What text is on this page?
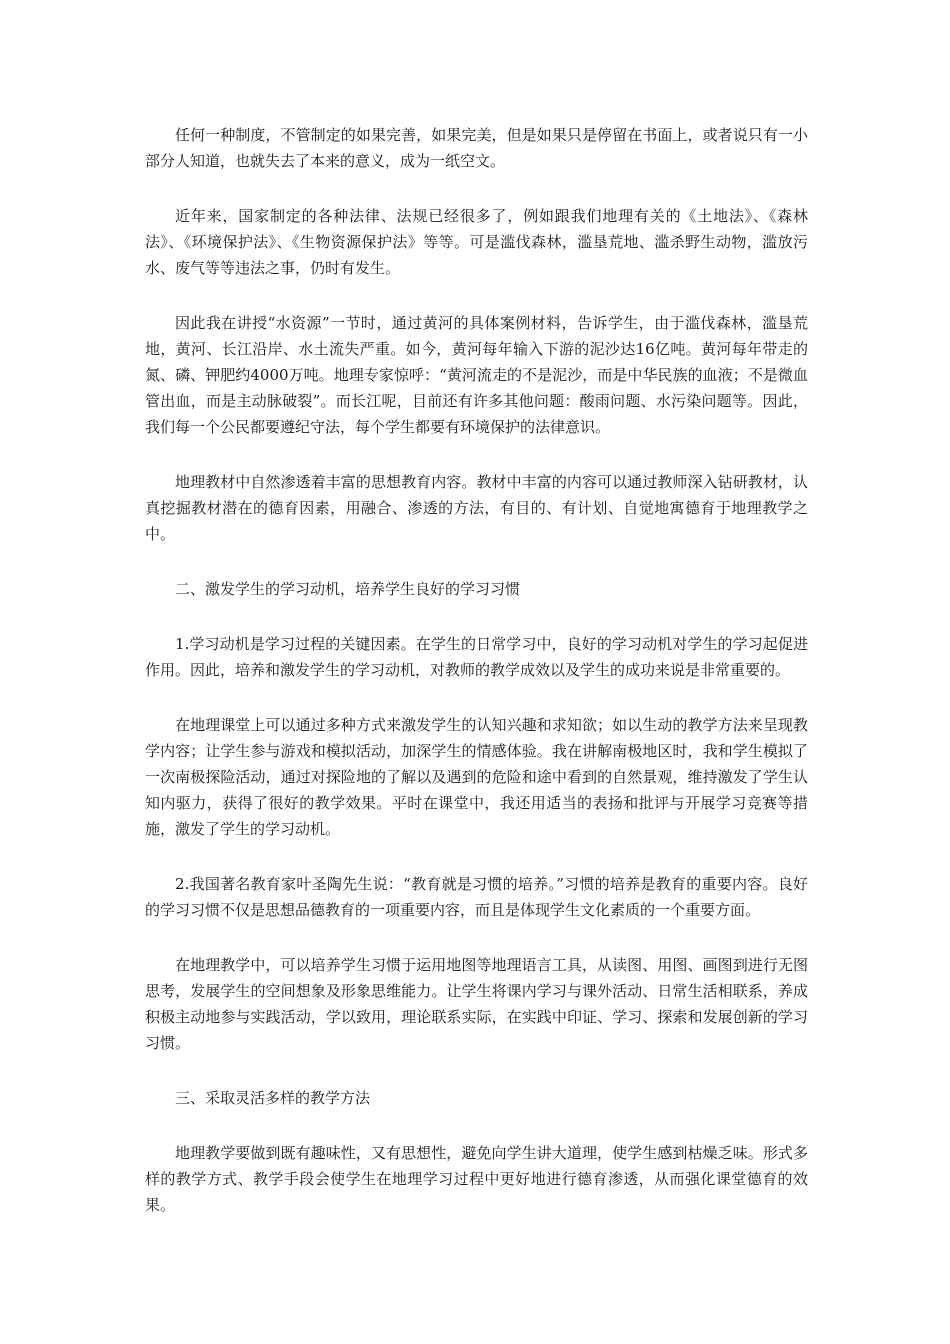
任何一种制度，不管制定的如果完善，如果完美，但是如果只是停留在书面上，或者说只有一小部分人知道，也就失去了本来的意义，成为一纸空文。

近年来，国家制定的各种法律、法规已经很多了，例如跟我们地理有关的《土地法》、《森林法》、《环境保护法》、《生物资源保护法》等等。可是滥伐森林，滥垦荒地、滥杀野生动物，滥放污水、废气等等违法之事，仍时有发生。

因此我在讲授“水资源”一节时，通过黄河的具体案例材料，告诉学生，由于滥伐森林，滥垦荒地，黄河、长江沿岸、水土流失严重。如今，黄河每年输入下游的泥沙达16亿吨。黄河每年带走的氮、磷、钾肥约4000万吨。地理专家惊呼：“黄河流走的不是泥沙，而是中华民族的血液；不是微血管出血，而是主动脉破裂”。而长江呢，目前还有许多其他问题：酸雨问题、水污染问题等。因此，我们每一个公民都要遵纪守法，每个学生都要有环境保护的法律意识。

地理教材中自然渗透着丰富的思想教育内容。教材中丰富的内容可以通过教师深入钻研教材，认真挖掘教材潜在的德育因素，用融合、渗透的方法，有目的、有计划、自觉地寓德育于地理教学之中。

二、激发学生的学习动机，培养学生良好的学习习惯

1.学习动机是学习过程的关键因素。在学生的日常学习中，良好的学习动机对学生的学习起促进作用。因此，培养和激发学生的学习动机，对教师的教学成效以及学生的成功来说是非常重要的。

在地理课堂上可以通过多种方式来激发学生的认知兴趣和求知欲；如以生动的教学方法来呈现教学内容；让学生参与游戏和模拟活动，加深学生的情感体验。我在讲解南极地区时，我和学生模拟了一次南极探险活动，通过对探险地的了解以及遇到的危险和途中看到的自然景观，维持激发了学生认知内驱力，获得了很好的教学效果。平时在课堂中，我还用适当的表扬和批评与开展学习竞赛等措施，激发了学生的学习动机。

2.我国著名教育家叶圣陶先生说：“教育就是习惯的培养。”习惯的培养是教育的重要内容。良好的学习习惯不仅是思想品德教育的一项重要内容，而且是体现学生文化素质的一个重要方面。

在地理教学中，可以培养学生习惯于运用地图等地理语言工具，从读图、用图、画图到进行无图思考，发展学生的空间想象及形象思维能力。让学生将课内学习与课外活动、日常生活相联系，养成积极主动地参与实践活动，学以致用，理论联系实际，在实践中印证、学习、探索和发展创新的学习习惯。

三、采取灵活多样的教学方法

地理教学要做到既有趣味性，又有思想性，避免向学生讲大道理，使学生感到枯燥乏味。形式多样的教学方式、教学手段会使学生在地理学习过程中更好地进行德育渗透，从而强化课堂德育的效果。
